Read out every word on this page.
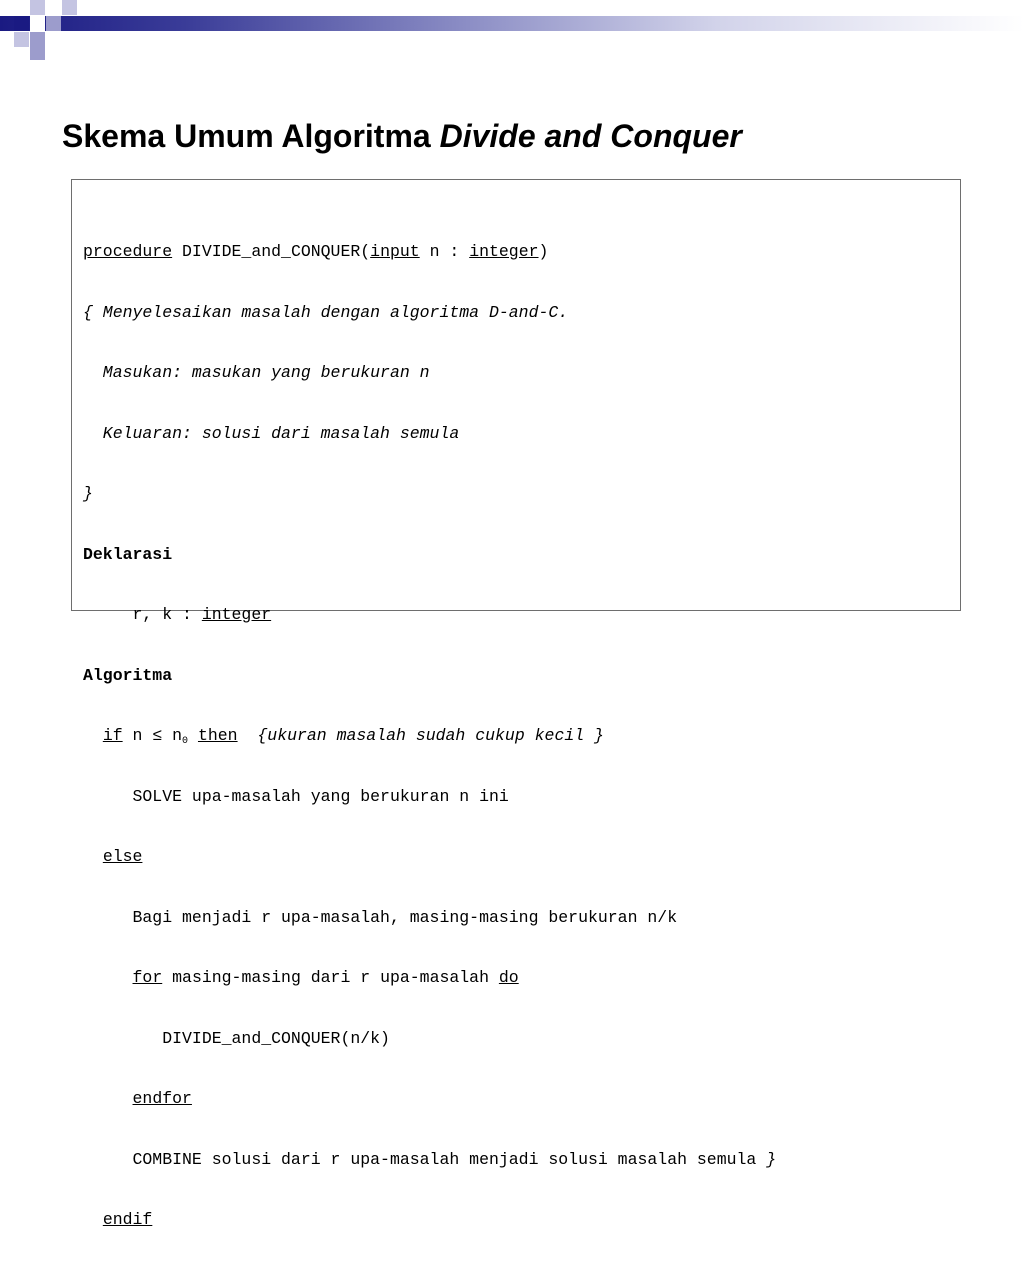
Skema Umum Algoritma Divide and Conquer

procedure DIVIDE_and_CONQUER(input n : integer)

{ Menyelesaikan masalah dengan algoritma D-and-C.

Masukan: masukan yang berukuran n

Keluaran: solusi dari masalah semula

}

Deklarasi

r, k : integer

Algoritma

if $n \le n_0$ then {ukuran masalah sudah cukup kecil }

SOLVE upa-masalah yang berukuran n ini

else

Bagi menjadi r upa-masalah, masing-masing berukuran n/k

for masing-masing dari r upa-masalah do

DIVIDE_and_CONQUER(n/k)

endfor

COMBINE solusi dari r upa-masalah menjadi solusi masalah semula }

endif
